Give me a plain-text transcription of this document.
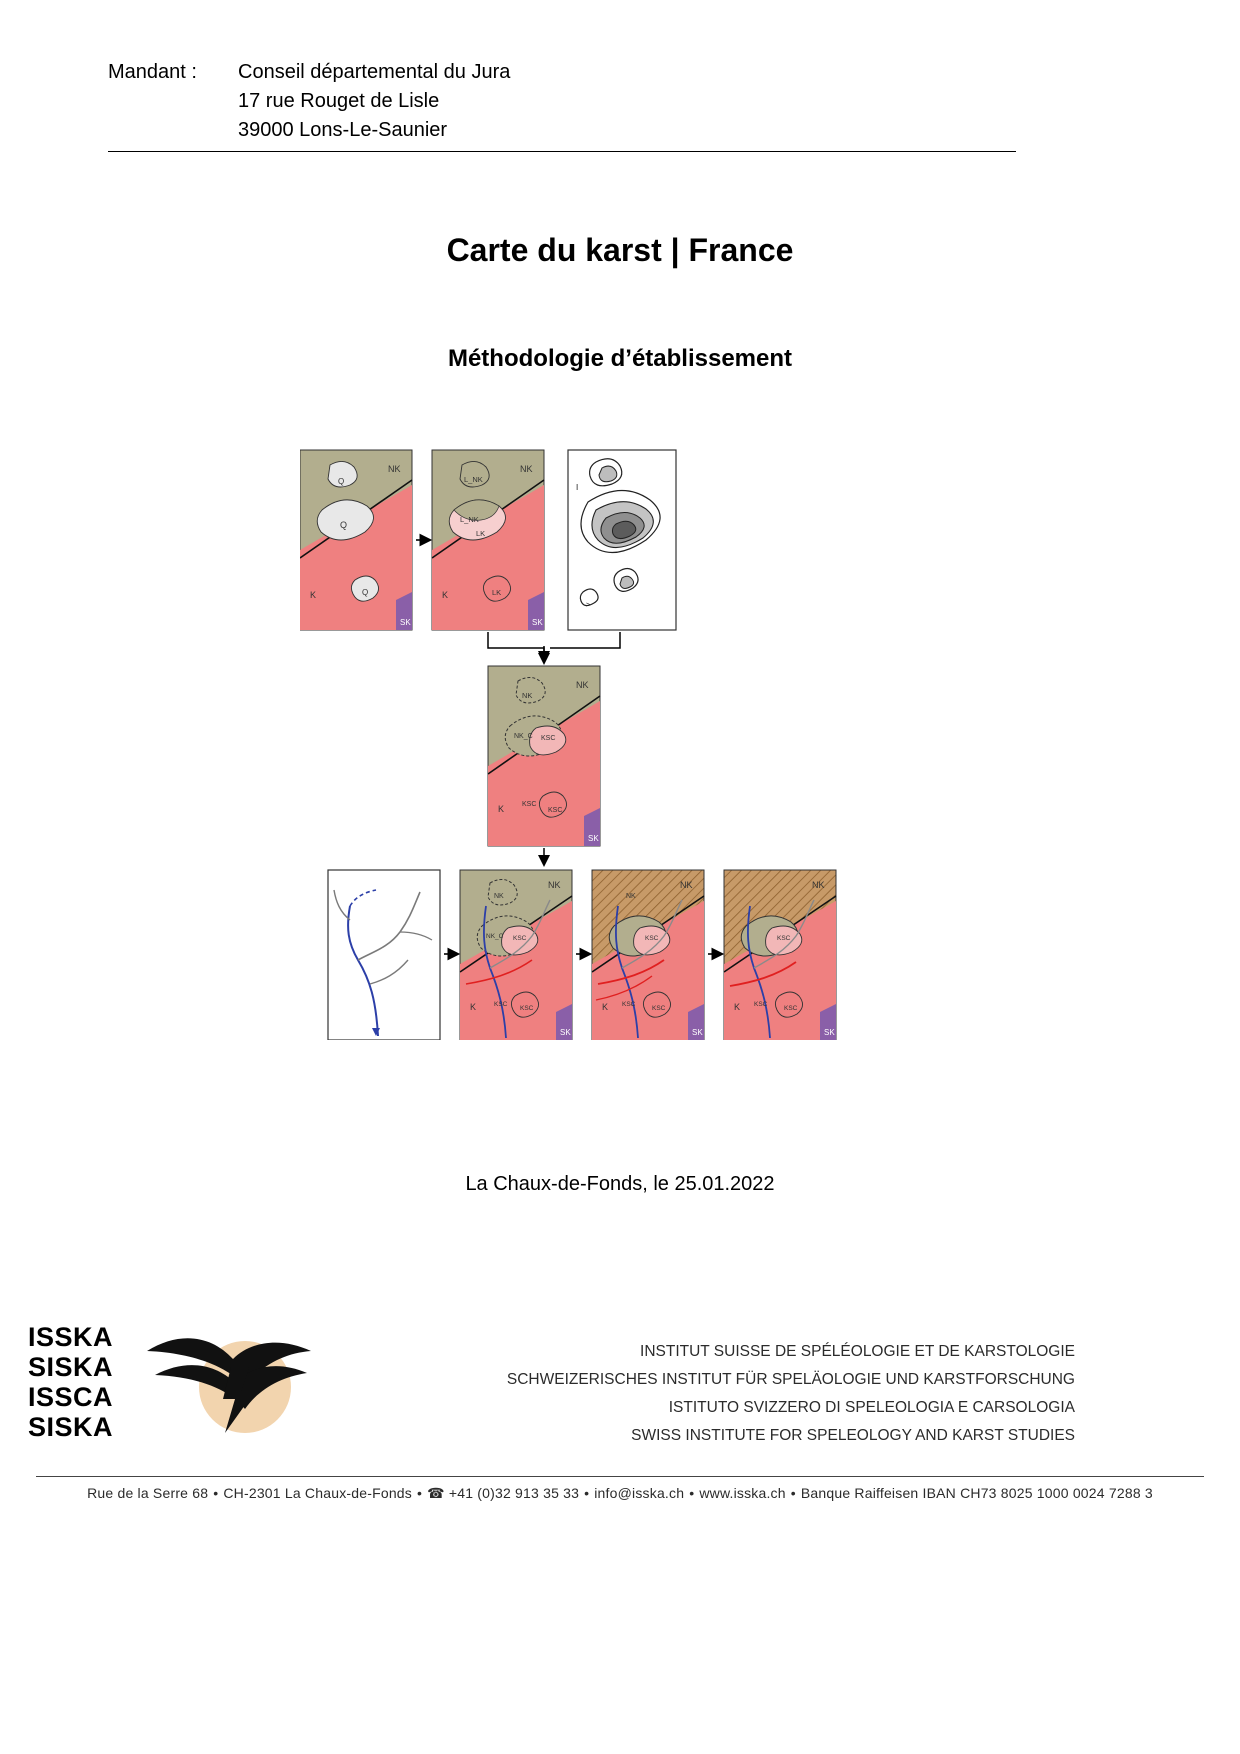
Mandant :	Conseil départemental du Jura
17 rue Rouget de Lisle
39000 Lons-Le-Saunier
Carte du karst | France
Méthodologie d’établissement
NK
Q
Q
Q
K
SK
NK
L_NK
L_NK
LK
LK
K
SK
I
>
NK
NK
NK_C KSC
KSC
KSC
K
SK
NK
NK
NK_C KSC
KSC
KSC
K
SK
NK
NK
KSC
KSC
KSC
K
SK
NK
KSC
KSC
KSC
K
SK
La Chaux-de-Fonds, le 25.01.2022
ISSKA
SISKA
ISSCA
SISKA
INSTITUT SUISSE DE SPÉLÉOLOGIE ET DE KARSTOLOGIE
SCHWEIZERISCHES INSTITUT FÜR SPELÄOLOGIE UND KARSTFORSCHUNG
ISTITUTO SVIZZERO DI SPELEOLOGIA E CARSOLOGIA
SWISS INSTITUTE FOR SPELEOLOGY AND KARST STUDIES
Rue de la Serre 68 • CH-2301 La Chaux-de-Fonds • ☎ +41 (0)32 913 35 33 • info@isska.ch • www.isska.ch • Banque Raiffeisen IBAN CH73 8025 1000 0024 7288 3
